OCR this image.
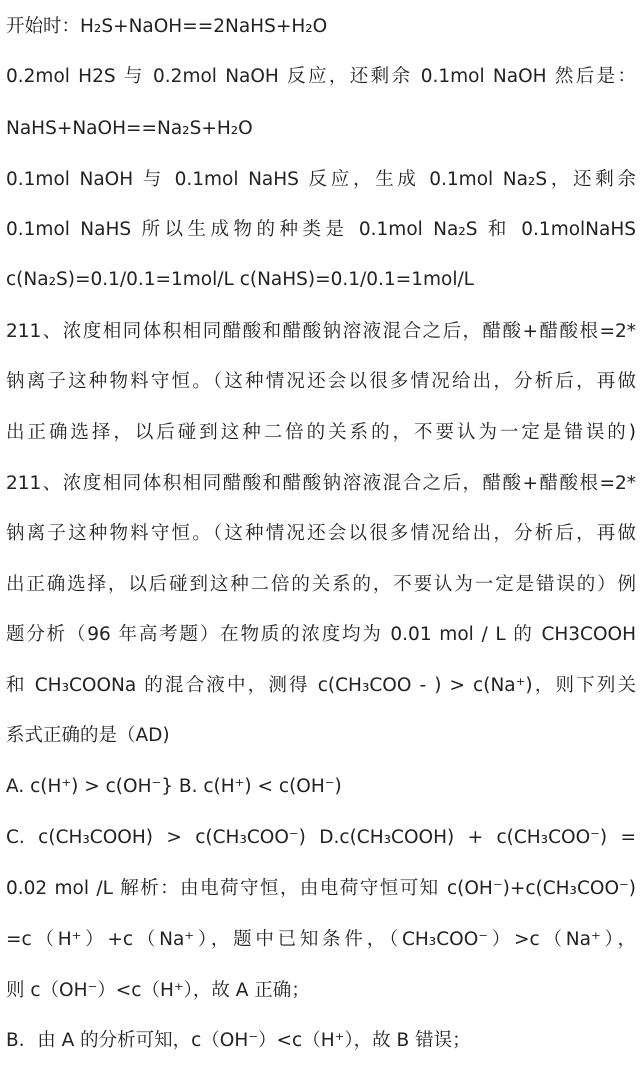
开始时：H₂S+NaOH==2NaHS+H₂O
0.2mol H2S 与 0.2mol NaOH 反应，还剩余 0.1mol NaOH 然后是：
NaHS+NaOH==Na₂S+H₂O
0.1mol NaOH 与 0.1mol NaHS 反应，生成 0.1mol Na₂S，还剩余
0.1mol NaHS 所以生成物的种类是 0.1mol Na₂S 和 0.1molNaHS
c(Na₂S)=0.1/0.1=1mol/L c(NaHS)=0.1/0.1=1mol/L
211、浓度相同体积相同醋酸和醋酸钠溶液混合之后，醋酸+醋酸根=2*
钠离子这种物料守恒。（这种情况还会以很多情况给出，分析后，再做
出正确选择，以后碰到这种二倍的关系的，不要认为一定是错误的)
211、浓度相同体积相同醋酸和醋酸钠溶液混合之后，醋酸+醋酸根=2*
钠离子这种物料守恒。（这种情况还会以很多情况给出，分析后，再做
出正确选择，以后碰到这种二倍的关系的，不要认为一定是错误的）例
题分析（96 年高考题）在物质的浓度均为 0.01 mol / L 的 CH3COOH
和 CH₃COONa 的混合液中，测得 c(CH₃COO - ) > c(Na⁺)，则下列关
系式正确的是（AD)
A. c(H⁺) > c(OH⁻} B. c(H⁺) < c(OH⁻)
C. c(CH₃COOH) > c(CH₃COO⁻) D.c(CH₃COOH) + c(CH₃COO⁻) =
0.02 mol /L 解析：由电荷守恒，由电荷守恒可知 c(OH⁻)+c(CH₃COO⁻)
=c（H⁺）+c（Na⁺），题中已知条件，（CH₃COO⁻）>c（Na⁺），
则 c（OH⁻）<c（H⁺），故 A 正确；
B．由 A 的分析可知，c（OH⁻）<c（H⁺），故 B 错误；
